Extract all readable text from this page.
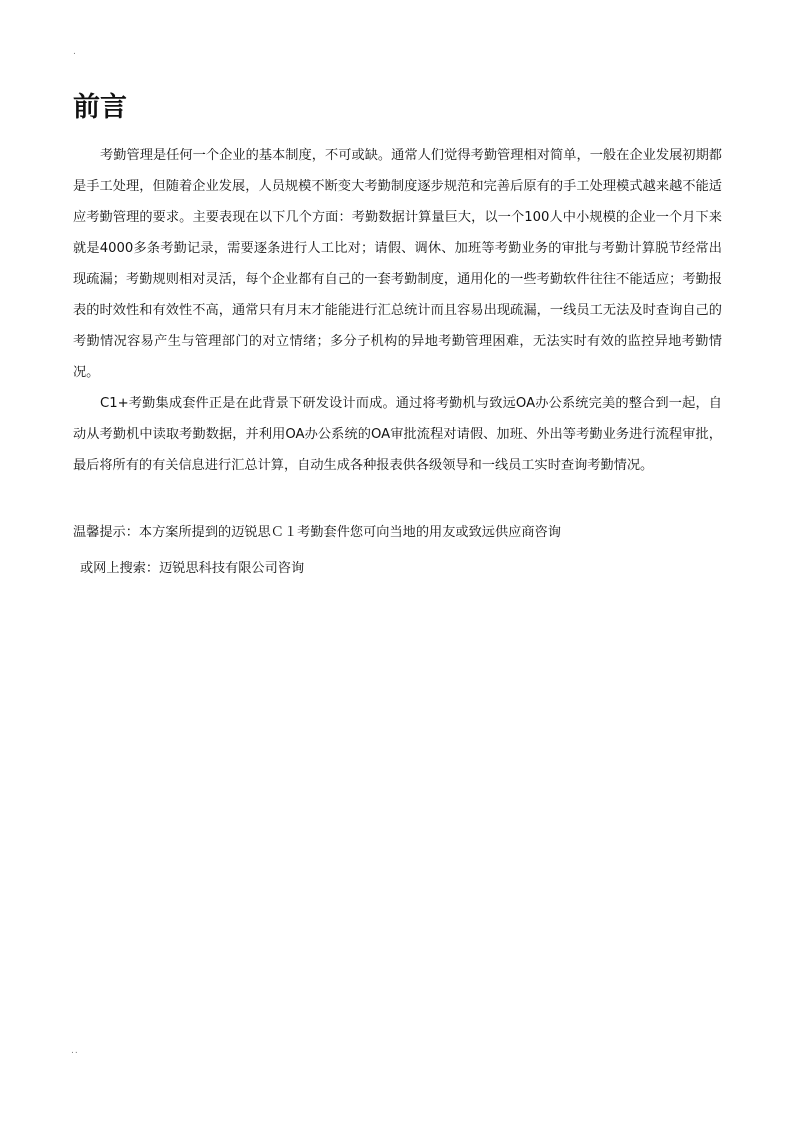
.
前言

考勤管理是任何一个企业的基本制度，不可或缺。通常人们觉得考勤管理相对简单，一般在企业发展初期都是手工处理，但随着企业发展，人员规模不断变大考勤制度逐步规范和完善后原有的手工处理模式越来越不能适应考勤管理的要求。主要表现在以下几个方面：考勤数据计算量巨大，以一个100人中小规模的企业一个月下来就是4000多条考勤记录，需要逐条进行人工比对；请假、调休、加班等考勤业务的审批与考勤计算脱节经常出现疏漏；考勤规则相对灵活，每个企业都有自己的一套考勤制度，通用化的一些考勤软件往往不能适应；考勤报表的时效性和有效性不高，通常只有月末才能能进行汇总统计而且容易出现疏漏，一线员工无法及时查询自己的考勤情况容易产生与管理部门的对立情绪；多分子机构的异地考勤管理困难，无法实时有效的监控异地考勤情况。

C1+考勤集成套件正是在此背景下研发设计而成。通过将考勤机与致远OA办公系统完美的整合到一起，自动从考勤机中读取考勤数据，并利用OA办公系统的OA审批流程对请假、加班、外出等考勤业务进行流程审批，最后将所有的有关信息进行汇总计算，自动生成各种报表供各级领导和一线员工实时查询考勤情况。

温馨提示：本方案所提到的迈锐思Ｃ１考勤套件您可向当地的用友或致远供应商咨询

或网上搜索：迈锐思科技有限公司咨询

..
